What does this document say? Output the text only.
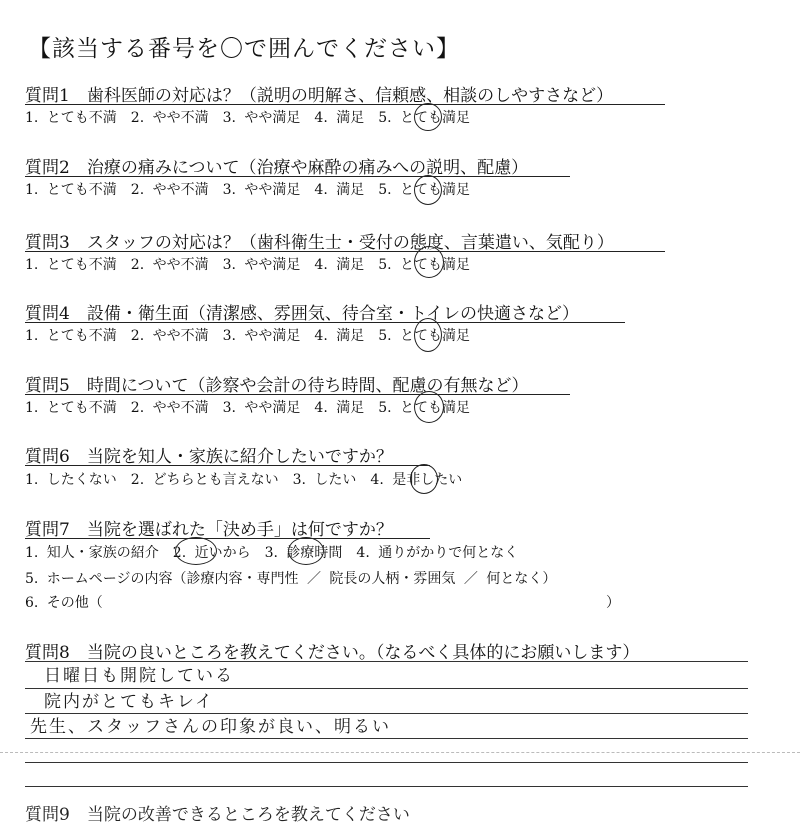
【該当する番号を〇で囲んでください】
質問1　歯科医師の対応は？（説明の明解さ、信頼感、相談のしやすさなど）
1. とても不満　2. やや不満　3. やや満足　4. 満足　5. とても満足
質問2　治療の痛みについて（治療や麻酔の痛みへの説明、配慮）
1. とても不満　2. やや不満　3. やや満足　4. 満足　5. とても満足
質問3　スタッフの対応は？（歯科衛生士・受付の態度、言葉遣い、気配り）
1. とても不満　2. やや不満　3. やや満足　4. 満足　5. とても満足
質問4　設備・衛生面（清潔感、雰囲気、待合室・トイレの快適さなど）
1. とても不満　2. やや不満　3. やや満足　4. 満足　5. とても満足
質問5　時間について（診察や会計の待ち時間、配慮の有無など）
1. とても不満　2. やや不満　3. やや満足　4. 満足　5. とても満足
質問6　当院を知人・家族に紹介したいですか？
1. したくない　2. どちらとも言えない　3. したい　4. 是非したい
質問7　当院を選ばれた「決め手」は何ですか？
1. 知人・家族の紹介　2. 近いから　3. 診療時間　4. 通りがかりで何となく
5. ホームページの内容（診療内容・専門性 ／ 院長の人柄・雰囲気 ／ 何となく）
6. その他（	）
質問8　当院の良いところを教えてください。（なるべく具体的にお願いします）
日曜日も開院している
院内がとてもキレイ
先生、スタッフさんの印象が良い、明るい
質問9　当院の改善できるところを教えてください
